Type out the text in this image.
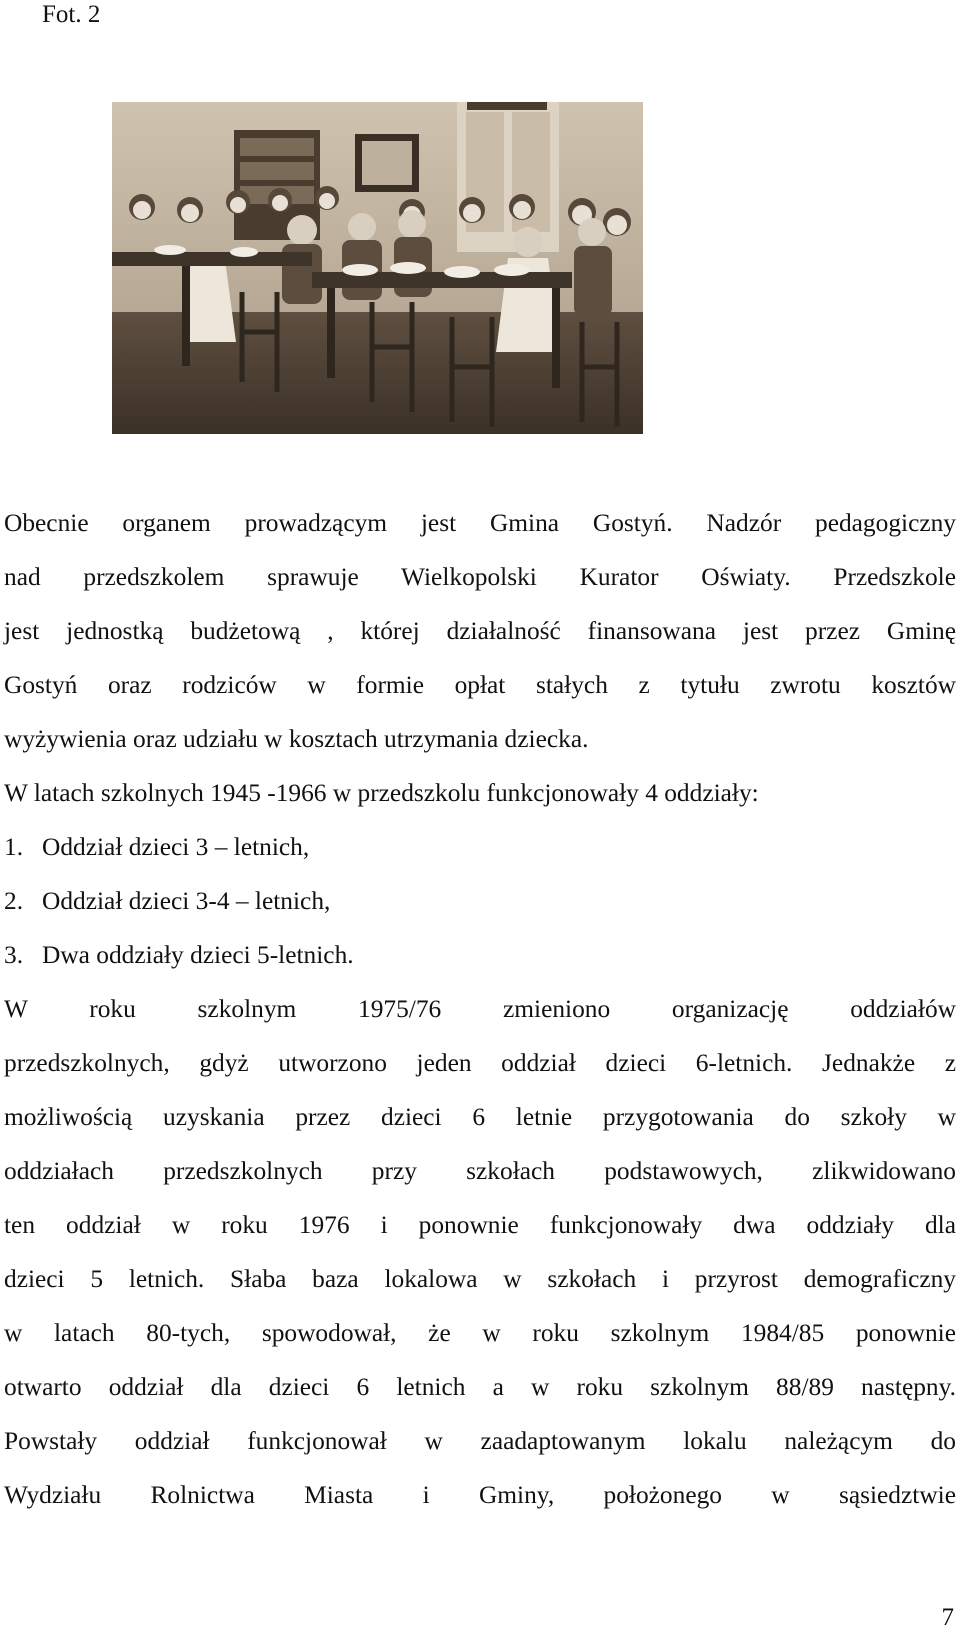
Fot. 2
Obecnie organem prowadzącym jest Gmina Gostyń. Nadzór pedagogiczny
nad przedszkolem sprawuje Wielkopolski Kurator Oświaty. Przedszkole
jest jednostką budżetową , której działalność finansowana jest przez Gminę
Gostyń oraz rodziców w formie opłat stałych z tytułu zwrotu kosztów
wyżywienia oraz udziału w kosztach utrzymania dziecka.
W latach szkolnych 1945 -1966 w przedszkolu funkcjonowały 4 oddziały:
1. Oddział dzieci 3 – letnich,
2. Oddział dzieci 3-4 – letnich,
3. Dwa oddziały dzieci 5-letnich.
W roku szkolnym 1975/76 zmieniono organizację oddziałów
przedszkolnych, gdyż utworzono jeden oddział dzieci 6-letnich. Jednakże z
możliwością uzyskania przez dzieci 6 letnie przygotowania do szkoły w
oddziałach przedszkolnych przy szkołach podstawowych, zlikwidowano
ten oddział w roku 1976 i ponownie funkcjonowały dwa oddziały dla
dzieci 5 letnich. Słaba baza lokalowa w szkołach i przyrost demograficzny
w latach 80-tych, spowodował, że w roku szkolnym 1984/85 ponownie
otwarto oddział dla dzieci 6 letnich a w roku szkolnym 88/89 następny.
Powstały oddział funkcjonował w zaadaptowanym lokalu należącym do
Wydziału Rolnictwa Miasta i Gminy, położonego w sąsiedztwie
7
